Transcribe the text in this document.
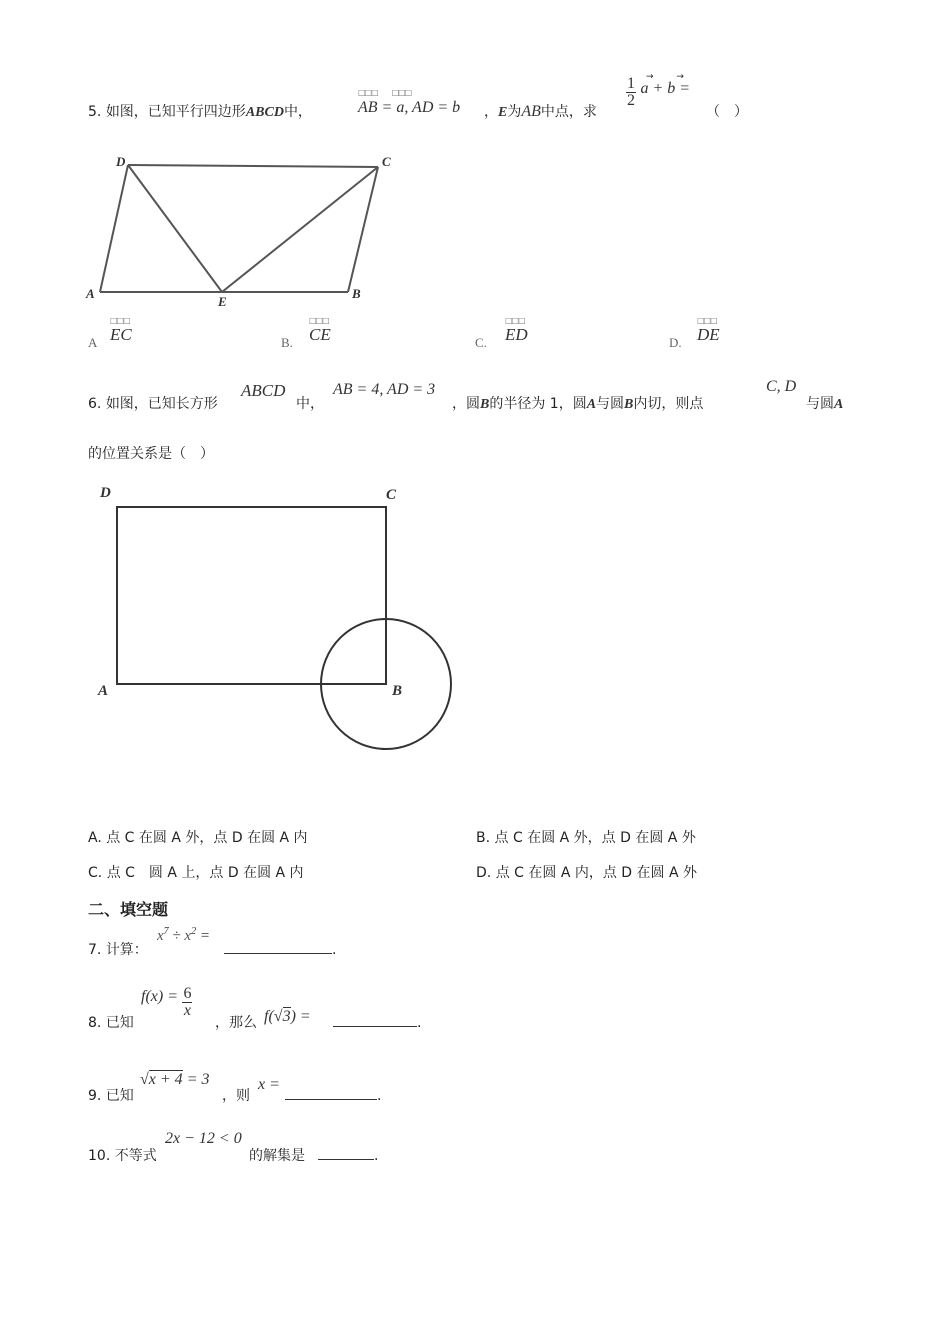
5. 如图，已知平行四边形ABCD中，
□□□         □□□
AB = a, AD = b ，E为AB中点，求
$\frac{1}{2}$ a + b =
→        →
（　）
D	C
A
E
B
□□□
A EC
□□□
B. CE
□□□
C. ED
□□□
D. DE
6. 如图，已知长方形
ABCD
中，
AB = 4, AD = 3
，圆B的半径为 1，圆A与圆B内切，则点
C, D
与圆A
的位置关系是（　）
D	C
A	B
A. 点 C 在圆 A 外，点 D 在圆 A 内	B. 点 C 在圆 A 外，点 D 在圆 A 外
C. 点 C　圆 A 上，点 D 在圆 A 内	D. 点 C 在圆 A 内，点 D 在圆 A 外
二、填空题
7. 计算：
$x^7 \div x^2$ =
.
8. 已知
$f(x) = \frac{6}{x}$
，那么 f(√3) =	.
9. 已知
√x + 4 = 3
，则
x =
.
10. 不等式
2x − 12 < 0
的解集是	.
